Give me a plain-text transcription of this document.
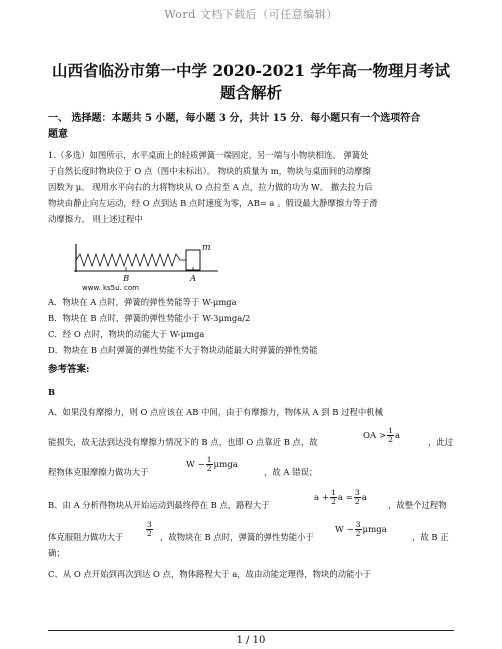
Word 文档下载后（可任意编辑）
山西省临汾市第一中学 2020-2021 学年高一物理月考试
题含解析
一、 选择题：本题共 5 小题，每小题 3 分，共计 15 分．每小题只有一个选项符合
题意
1.（多选）如图所示，水平桌面上的轻质弹簧一端固定，另一端与小物块相连。 弹簧处
于自然长度时物块位于 O 点（图中未标出）。 物块的质量为 m，物块与桌面间的动摩擦
因数为 μ。 现用水平向右的力将物块从 O 点拉至 A 点，拉力做的功为 W。 撤去拉力后
物块由静止向左运动，经 O 点到达 B 点时速度为零，AB= a 。假设最大静摩擦力等于滑
动摩擦力。 则上述过程中
m
B	A
www. ks5u. com
A．物块在 A 点时，弹簧的弹性势能等于 W-μmga
B．物块在 B 点时，弹簧的弹性势能小于 W-3μmga/2
C．经 O 点时，物块的动能大于 W-μmga
D．物块在 B 点时弹簧的弹性势能不大于物块动能最大时弹簧的弹性势能
参考答案:
B
A、如果没有摩擦力，则 O 点应该在 AB 中间，由于有摩擦力，物体从 A 到 B 过程中机械
能损失，故无法到达没有摩擦力情况下的 B 点，也即 O 点靠近 B 点，故
OA > $\frac{1}{2}$ a
，此过
程物体克服摩擦力做功大于
$W - \frac{1}{2}$ μmga
，故 A 错误；
B、由 A 分析得物块从开始运动到最终停在 B 点，路程大于
$a + \frac{1}{2}$ $a = \frac{3}{2}$ a
，故整个过程物
体克服阻力做功大于	$\frac{3}{2}$ ，故物块在 B 点时，弹簧的弹性势能小于
$W - \frac{3}{2}$ μmga
，故 B 正
确；
C、从 O 点开始到再次到达 O 点，物体路程大于 a，故由动能定理得，物块的动能小于
1 / 10
